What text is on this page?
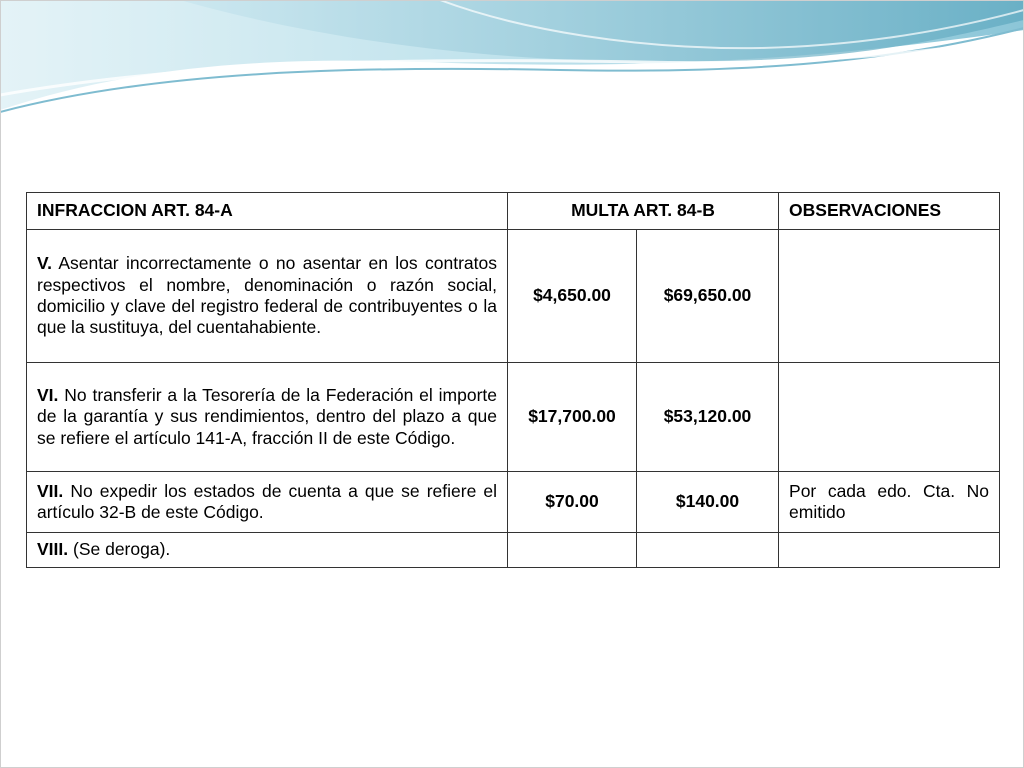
INFRACCION ART. 84-A	MULTA ART. 84-B		OBSERVACIONES
V. Asentar incorrectamente o no asentar en los contratos respectivos el nombre, denominación o razón social, domicilio y clave del registro federal de contribuyentes o la que la sustituya, del cuentahabiente.	$4,650.00	$69,650.00	
VI. No transferir a la Tesorería de la Federación el importe de la garantía y sus rendimientos, dentro del plazo a que se refiere el artículo 141-A, fracción II de este Código.	$17,700.00	$53,120.00	
VII. No expedir los estados de cuenta a que se refiere el artículo 32-B de este Código.	$70.00	$140.00	Por cada edo. Cta. No emitido
VIII. (Se deroga).			
